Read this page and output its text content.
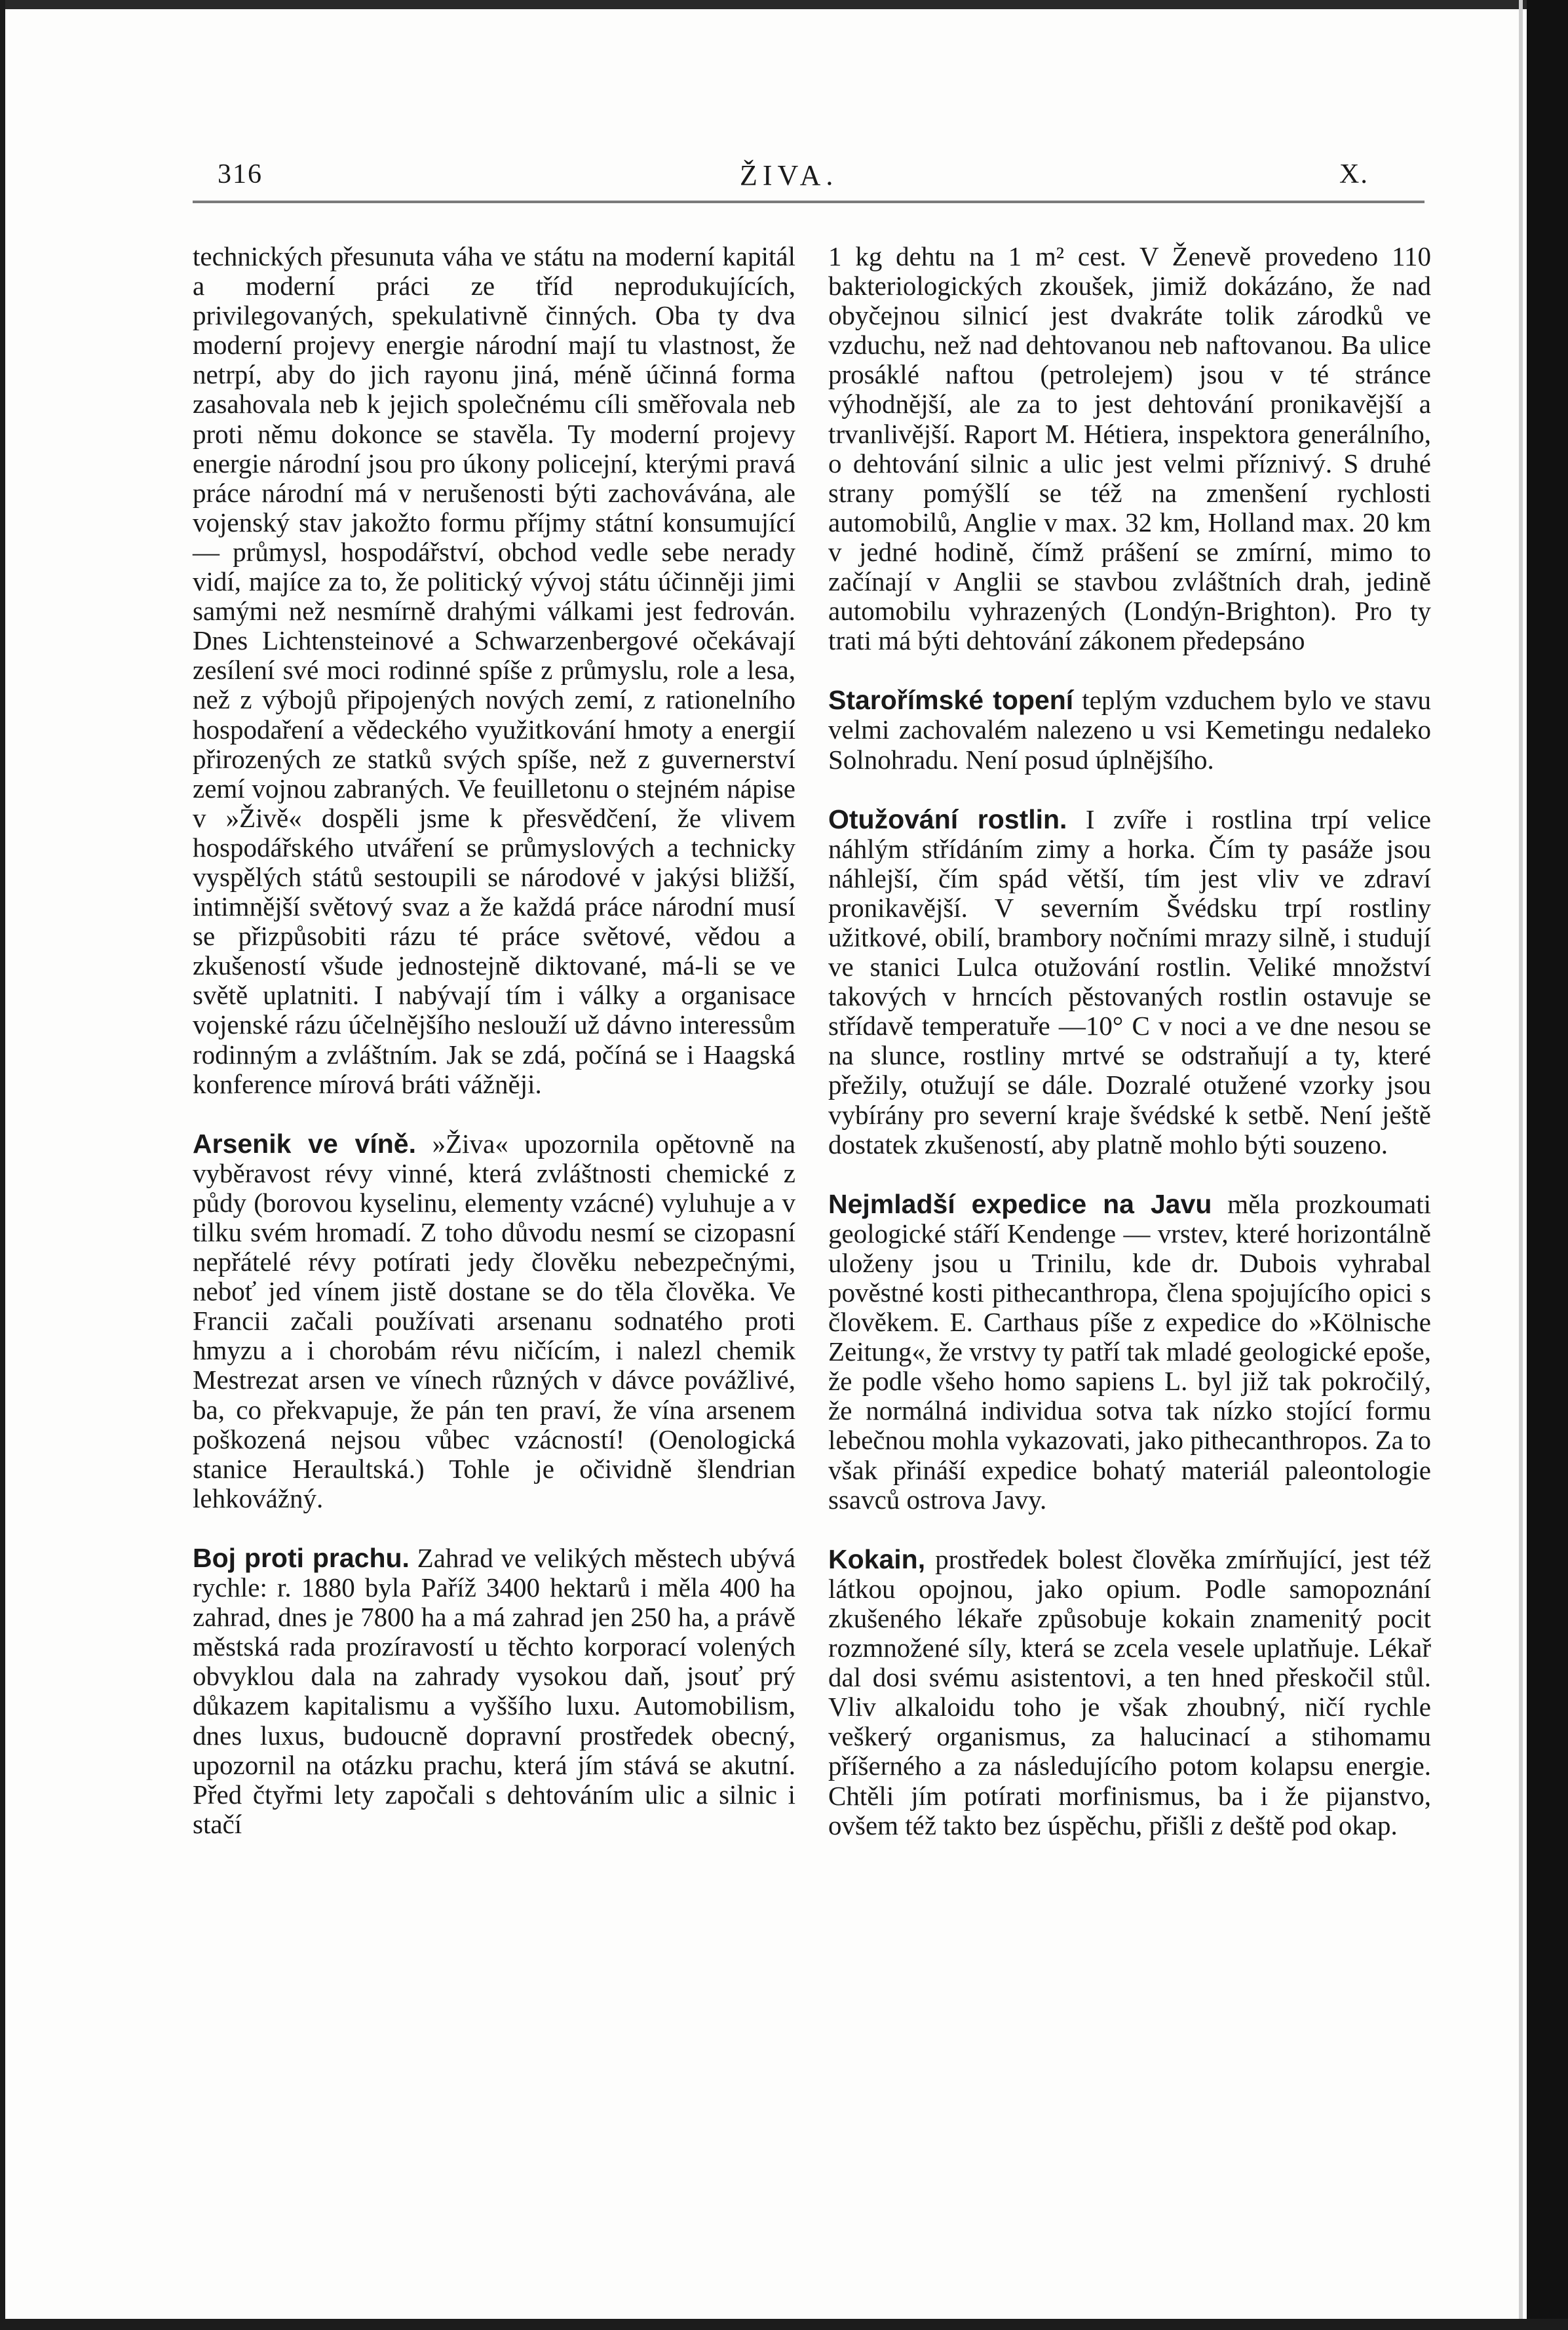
316	ŽIVA.	X.

technických přesunuta váha ve státu na moderní kapitál a moderní práci ze tříd neprodukujících, privilegovaných, spekulativně činných. Oba ty dva moderní projevy energie národní mají tu vlastnost, že netrpí, aby do jich rayonu jiná, méně účinná forma zasahovala neb k jejich společnému cíli směřovala neb proti němu dokonce se stavěla. Ty moderní projevy energie národní jsou pro úkony policejní, kterými pravá práce národní má v nerušenosti býti zachovávána, ale vojenský stav jakožto formu příjmy státní konsumující — průmysl, hospodářství, obchod vedle sebe nerady vidí, majíce za to, že politický vývoj státu účinněji jimi samými než nesmírně drahými válkami jest fedrován. Dnes Lichtensteinové a Schwarzenbergové očekávají zesílení své moci rodinné spíše z průmyslu, role a lesa, než z výbojů připojených nových zemí, z rationelního hospodaření a vědeckého využitkování hmoty a energií přirozených ze statků svých spíše, než z guvernerství zemí vojnou zabraných. Ve feuilletonu o stejném nápise v »Živě« dospěli jsme k přesvědčení, že vlivem hospodářského utváření se průmyslových a technicky vyspělých států sestoupili se národové v jakýsi bližší, intimnější světový svaz a že každá práce národní musí se přizpůsobiti rázu té práce světové, vědou a zkušeností všude jednostejně diktované, má-li se ve světě uplatniti. I nabývají tím i války a organisace vojenské rázu účelnějšího neslouží už dávno interessům rodinným a zvláštním. Jak se zdá, počíná se i Haagská konference mírová bráti vážněji.

Arsenik ve víně. »Živa« upozornila opětovně na vyběravost révy vinné, která zvláštnosti chemické z půdy (borovou kyselinu, elementy vzácné) vyluhuje a v tilku svém hromadí. Z toho důvodu nesmí se cizopasní nepřátelé révy potírati jedy člověku nebezpečnými, neboť jed vínem jistě dostane se do těla člověka. Ve Francii začali používati arsenanu sodnatého proti hmyzu a i chorobám révu ničícím, i nalezl chemik Mestrezat arsen ve vínech různých v dávce povážlivé, ba, co překvapuje, že pán ten praví, že vína arsenem poškozená nejsou vůbec vzácností! (Oenologická stanice Heraultská.) Tohle je očividně šlendrian lehkovážný.

Boj proti prachu. Zahrad ve velikých městech ubývá rychle: r. 1880 byla Paříž 3400 hektarů i měla 400 ha zahrad, dnes je 7800 ha a má zahrad jen 250 ha, a právě městská rada prozíravostí u těchto korporací volených obvyklou dala na zahrady vysokou daň, jsouť prý důkazem kapitalismu a vyššího luxu. Automobilism, dnes luxus, budoucně dopravní prostředek obecný, upozornil na otázku prachu, která jím stává se akutní. Před čtyřmi lety započali s dehtováním ulic a silnic i stačí

1 kg dehtu na 1 m² cest. V Ženevě provedeno 110 bakteriologických zkoušek, jimiž dokázáno, že nad obyčejnou silnicí jest dvakráte tolik zárodků ve vzduchu, než nad dehtovanou neb naftovanou. Ba ulice prosáklé naftou (petrolejem) jsou v té stránce výhodnější, ale za to jest dehtování pronikavější a trvanlivější. Raport M. Hétiera, inspektora generálního, o dehtování silnic a ulic jest velmi příznivý. S druhé strany pomýšlí se též na zmenšení rychlosti automobilů, Anglie v max. 32 km, Holland max. 20 km v jedné hodině, čímž prášení se zmírní, mimo to začínají v Anglii se stavbou zvláštních drah, jedině automobilu vyhrazených (Londýn-Brighton). Pro ty trati má býti dehtování zákonem předepsáno

Starořímské topení teplým vzduchem bylo ve stavu velmi zachovalém nalezeno u vsi Kemetingu nedaleko Solnohradu. Není posud úplnějšího.

Otužování rostlin. I zvíře i rostlina trpí velice náhlým střídáním zimy a horka. Čím ty pasáže jsou náhlejší, čím spád větší, tím jest vliv ve zdraví pronikavější. V severním Švédsku trpí rostliny užitkové, obilí, brambory nočními mrazy silně, i studují ve stanici Lulca otužování rostlin. Veliké množství takových v hrncích pěstovaných rostlin ostavuje se střídavě temperatuře —10° C v noci a ve dne nesou se na slunce, rostliny mrtvé se odstraňují a ty, které přežily, otužují se dále. Dozralé otužené vzorky jsou vybírány pro severní kraje švédské k setbě. Není ještě dostatek zkušeností, aby platně mohlo býti souzeno.

Nejmladší expedice na Javu měla prozkoumati geologické stáří Kendenge — vrstev, které horizontálně uloženy jsou u Trinilu, kde dr. Dubois vyhrabal pověstné kosti pithecanthropa, člena spojujícího opici s člověkem. E. Carthaus píše z expedice do »Kölnische Zeitung«, že vrstvy ty patří tak mladé geologické epoše, že podle všeho homo sapiens L. byl již tak pokročilý, že normálná individua sotva tak nízko stojící formu lebečnou mohla vykazovati, jako pithecanthropos. Za to však přináší expedice bohatý materiál paleontologie ssavců ostrova Javy.

Kokain, prostředek bolest člověka zmírňující, jest též látkou opojnou, jako opium. Podle samopoznání zkušeného lékaře způsobuje kokain znamenitý pocit rozmnožené síly, která se zcela vesele uplatňuje. Lékař dal dosi svému asistentovi, a ten hned přeskočil stůl. Vliv alkaloidu toho je však zhoubný, ničí rychle veškerý organismus, za halucinací a stihomamu příšerného a za následujícího potom kolapsu energie. Chtěli jím potírati morfinismus, ba i že pijanstvo, ovšem též takto bez úspěchu, přišli z deště pod okap.
